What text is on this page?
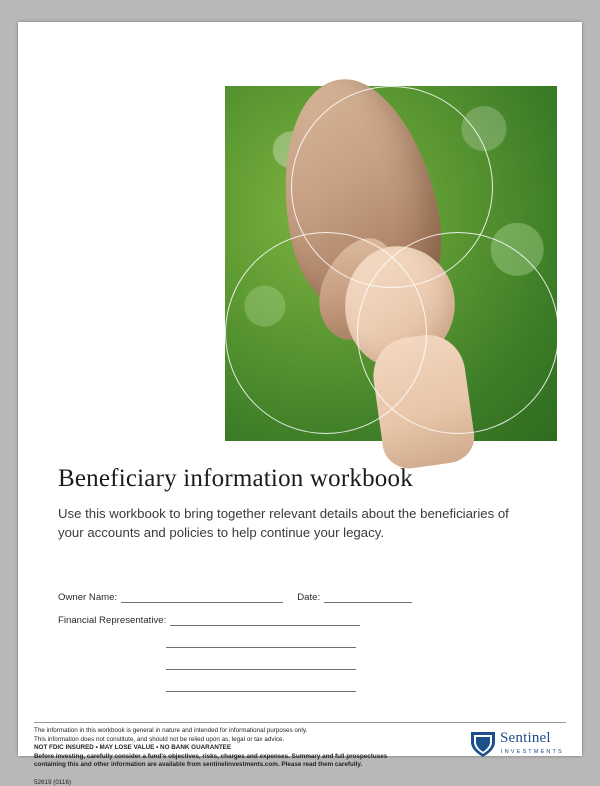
Beneficiary information workbook
Use this workbook to bring together relevant details about the beneficiaries of your accounts and policies to help continue your legacy.
Owner Name:	Date:
Financial Representative:
The information in this workbook is general in nature and intended for informational purposes only.
This information does not constitute, and should not be relied upon as, legal or tax advice.
NOT FDIC INSURED • MAY LOSE VALUE • NO BANK GUARANTEE
Before investing, carefully consider a fund's objectives, risks, charges and expenses. Summary and full prospectuses
containing this and other information are available from sentinelinvestments.com. Please read them carefully.
52619 (0116)
Sentinel
INVESTMENTS
